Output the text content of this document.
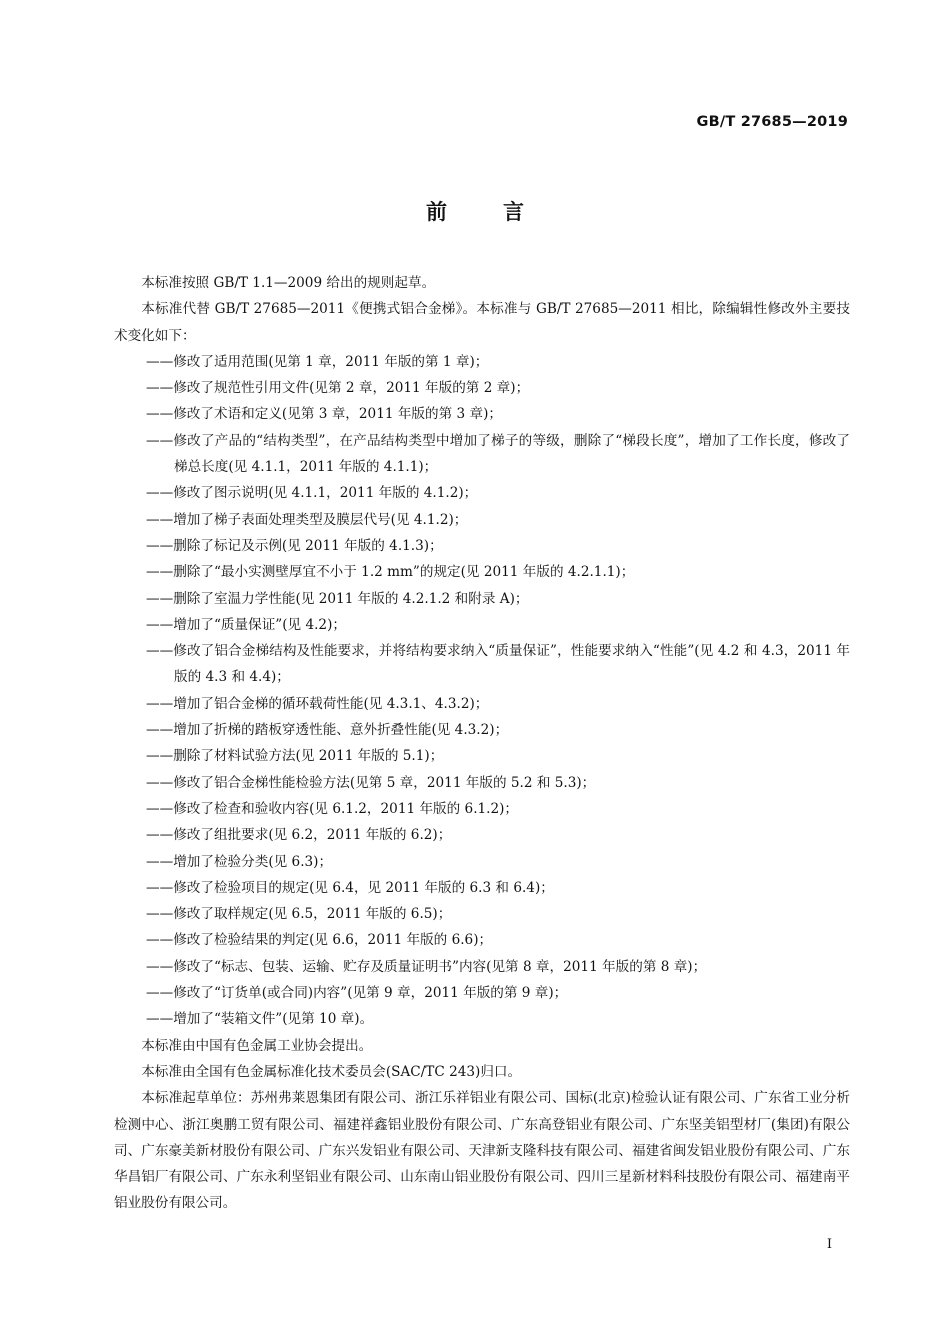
GB/T 27685—2019
前言

本标准按照 GB/T 1.1—2009 给出的规则起草。

本标准代替 GB/T 27685—2011《便携式铝合金梯》。本标准与 GB/T 27685—2011 相比，除编辑性修改外主要技术变化如下：

——修改了适用范围(见第 1 章，2011 年版的第 1 章)；
——修改了规范性引用文件(见第 2 章，2011 年版的第 2 章)；
——修改了术语和定义(见第 3 章，2011 年版的第 3 章)；
——修改了产品的“结构类型”，在产品结构类型中增加了梯子的等级，删除了“梯段长度”，增加了工作长度，修改了梯总长度(见 4.1.1，2011 年版的 4.1.1)；
——修改了图示说明(见 4.1.1，2011 年版的 4.1.2)；
——增加了梯子表面处理类型及膜层代号(见 4.1.2)；
——删除了标记及示例(见 2011 年版的 4.1.3)；
——删除了“最小实测壁厚宜不小于 1.2 mm”的规定(见 2011 年版的 4.2.1.1)；
——删除了室温力学性能(见 2011 年版的 4.2.1.2 和附录 A)；
——增加了“质量保证”(见 4.2)；
——修改了铝合金梯结构及性能要求，并将结构要求纳入“质量保证”，性能要求纳入“性能”(见 4.2 和 4.3，2011 年版的 4.3 和 4.4)；
——增加了铝合金梯的循环载荷性能(见 4.3.1、4.3.2)；
——增加了折梯的踏板穿透性能、意外折叠性能(见 4.3.2)；
——删除了材料试验方法(见 2011 年版的 5.1)；
——修改了铝合金梯性能检验方法(见第 5 章，2011 年版的 5.2 和 5.3)；
——修改了检查和验收内容(见 6.1.2，2011 年版的 6.1.2)；
——修改了组批要求(见 6.2，2011 年版的 6.2)；
——增加了检验分类(见 6.3)；
——修改了检验项目的规定(见 6.4，见 2011 年版的 6.3 和 6.4)；
——修改了取样规定(见 6.5，2011 年版的 6.5)；
——修改了检验结果的判定(见 6.6，2011 年版的 6.6)；
——修改了“标志、包装、运输、贮存及质量证明书”内容(见第 8 章，2011 年版的第 8 章)；
——修改了“订货单(或合同)内容”(见第 9 章，2011 年版的第 9 章)；
——增加了“装箱文件”(见第 10 章)。

本标准由中国有色金属工业协会提出。

本标准由全国有色金属标准化技术委员会(SAC/TC 243)归口。

本标准起草单位：苏州弗莱恩集团有限公司、浙江乐祥铝业有限公司、国标(北京)检验认证有限公司、广东省工业分析检测中心、浙江奥鹏工贸有限公司、福建祥鑫铝业股份有限公司、广东高登铝业有限公司、广东坚美铝型材厂(集团)有限公司、广东豪美新材股份有限公司、广东兴发铝业有限公司、天津新支隆科技有限公司、福建省闽发铝业股份有限公司、广东华昌铝厂有限公司、广东永利坚铝业有限公司、山东南山铝业股份有限公司、四川三星新材料科技股份有限公司、福建南平铝业股份有限公司。

I
